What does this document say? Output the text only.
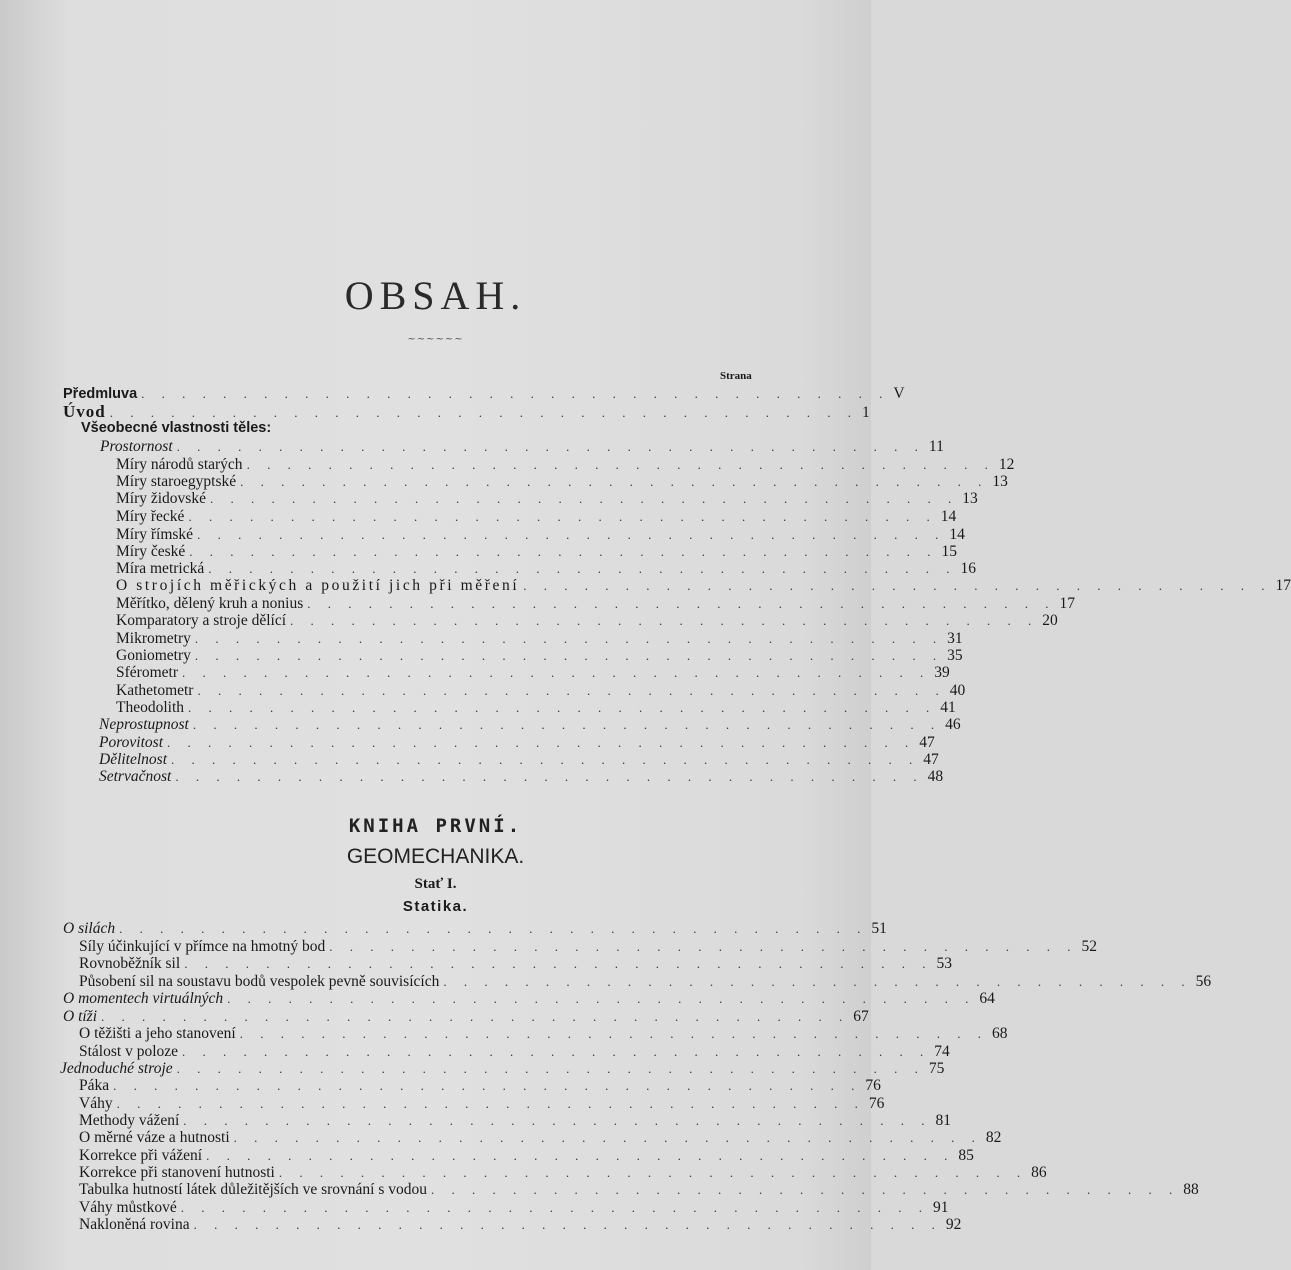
OBSAH.
~~~~~~
Strana
Předmluva . . . . . . . . . . . . . . . . . . . . . . . . . . . . . . . . . . . . . V
Úvod . . . . . . . . . . . . . . . . . . . . . . . . . . . . . . . . . . . . . 1
Všeobecné vlastnosti těles:
Prostornost . . . . . . . . . . . . . . . . . . . . . . . . . . . . . . . . . . . . . 11
Míry národů starých . . . . . . . . . . . . . . . . . . . . . . . . . . . . . . . . . . . . . 12
Míry staroegyptské . . . . . . . . . . . . . . . . . . . . . . . . . . . . . . . . . . . . . 13
Míry židovské . . . . . . . . . . . . . . . . . . . . . . . . . . . . . . . . . . . . . 13
Míry řecké . . . . . . . . . . . . . . . . . . . . . . . . . . . . . . . . . . . . . 14
Míry římské . . . . . . . . . . . . . . . . . . . . . . . . . . . . . . . . . . . . . 14
Míry české . . . . . . . . . . . . . . . . . . . . . . . . . . . . . . . . . . . . . 15
Míra metrická . . . . . . . . . . . . . . . . . . . . . . . . . . . . . . . . . . . . . 16
O strojích měřických a použití jich při měření . . . . . . . . . . . . . . . . . . . . . . . . . . . . . . . . . . . . . 17
Měřítko, dělený kruh a nonius . . . . . . . . . . . . . . . . . . . . . . . . . . . . . . . . . . . . . 17
Komparatory a stroje dělící . . . . . . . . . . . . . . . . . . . . . . . . . . . . . . . . . . . . . 20
Mikrometry . . . . . . . . . . . . . . . . . . . . . . . . . . . . . . . . . . . . . 31
Goniometry . . . . . . . . . . . . . . . . . . . . . . . . . . . . . . . . . . . . . 35
Sférometr . . . . . . . . . . . . . . . . . . . . . . . . . . . . . . . . . . . . . 39
Kathetometr . . . . . . . . . . . . . . . . . . . . . . . . . . . . . . . . . . . . . 40
Theodolith . . . . . . . . . . . . . . . . . . . . . . . . . . . . . . . . . . . . . 41
Neprostupnost . . . . . . . . . . . . . . . . . . . . . . . . . . . . . . . . . . . . . 46
Porovitost . . . . . . . . . . . . . . . . . . . . . . . . . . . . . . . . . . . . . 47
Dělitelnost . . . . . . . . . . . . . . . . . . . . . . . . . . . . . . . . . . . . . 47
Setrvačnost . . . . . . . . . . . . . . . . . . . . . . . . . . . . . . . . . . . . . 48
KNIHA PRVNÍ.
GEOMECHANIKA.
Stať I.
Statika.
O silách . . . . . . . . . . . . . . . . . . . . . . . . . . . . . . . . . . . . . 51
Síly účinkující v přímce na hmotný bod . . . . . . . . . . . . . . . . . . . . . . . . . . . . . . . . . . . . . 52
Rovnoběžník sil . . . . . . . . . . . . . . . . . . . . . . . . . . . . . . . . . . . . . 53
Působení sil na soustavu bodů vespolek pevně souvisících . . . . . . . . . . . . . . . . . . . . . . . . . . . . . . . . . . . . . 56
O momentech virtuálných . . . . . . . . . . . . . . . . . . . . . . . . . . . . . . . . . . . . . 64
O tíži . . . . . . . . . . . . . . . . . . . . . . . . . . . . . . . . . . . . . 67
O těžišti a jeho stanovení . . . . . . . . . . . . . . . . . . . . . . . . . . . . . . . . . . . . . 68
Stálost v poloze . . . . . . . . . . . . . . . . . . . . . . . . . . . . . . . . . . . . . 74
Jednoduché stroje . . . . . . . . . . . . . . . . . . . . . . . . . . . . . . . . . . . . . 75
Páka . . . . . . . . . . . . . . . . . . . . . . . . . . . . . . . . . . . . . 76
Váhy . . . . . . . . . . . . . . . . . . . . . . . . . . . . . . . . . . . . . 76
Methody vážení . . . . . . . . . . . . . . . . . . . . . . . . . . . . . . . . . . . . . 81
O měrné váze a hutnosti . . . . . . . . . . . . . . . . . . . . . . . . . . . . . . . . . . . . . 82
Korrekce při vážení . . . . . . . . . . . . . . . . . . . . . . . . . . . . . . . . . . . . . 85
Korrekce při stanovení hutnosti . . . . . . . . . . . . . . . . . . . . . . . . . . . . . . . . . . . . . 86
Tabulka hutností látek důležitějších ve srovnání s vodou . . . . . . . . . . . . . . . . . . . . . . . . . . . . . . . . . . . . . 88
Váhy můstkové . . . . . . . . . . . . . . . . . . . . . . . . . . . . . . . . . . . . . 91
Nakloněná rovina . . . . . . . . . . . . . . . . . . . . . . . . . . . . . . . . . . . . . 92
